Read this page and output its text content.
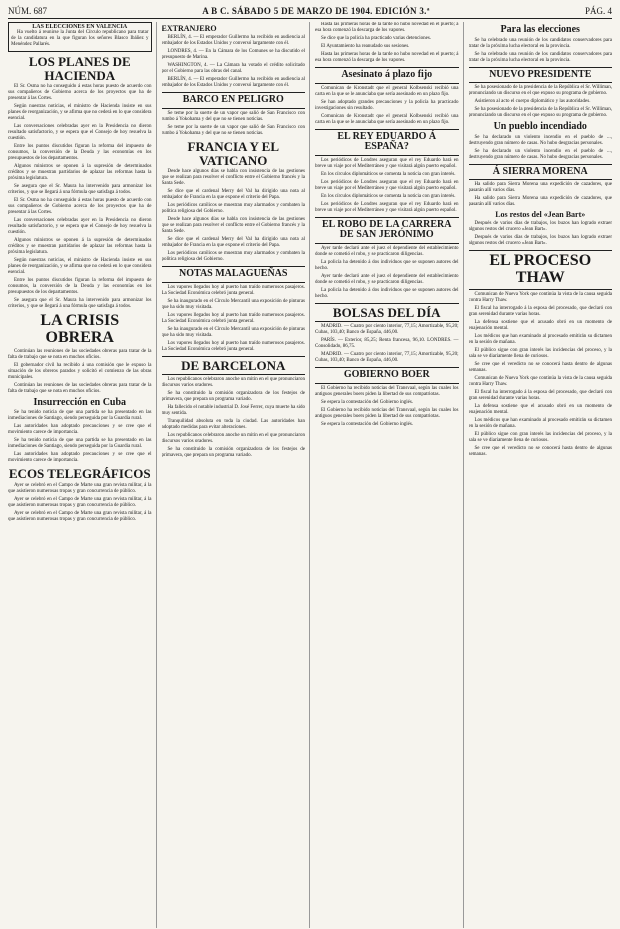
NÚM. 687	A B C. SÁBADO 5 DE MARZO DE 1904. EDICIÓN 3.ª	PÁG. 4
LAS ELECCIONES EN VALENCIA

Ha vuelto á reunirse la Junta del Círculo republicano para tratar de la candidatura en la que figuran los señores Blasco Ibáñez y Menéndez Pallarés.

LOS PLANES DE HACIENDA

El Sr. Osma no ha conseguido á estas horas puesto de acuerdo con sus compañeros de Gobierno acerca de los proyectos que ha de presentar á las Cortes.

Según nuestras noticias, el ministro de Hacienda insiste en sus planes de reorganización, y se afirma que no cederá en lo que considera esencial.

Las conversaciones celebradas ayer en la Presidencia no dieron resultado satisfactorio, y se espera que el Consejo de hoy resuelva la cuestión.

Entre los puntos discutidos figuran la reforma del impuesto de consumos, la conversión de la Deuda y las economías en los presupuestos de los departamentos.

Algunos ministros se oponen á la supresión de determinados créditos y se muestran partidarios de aplazar las reformas hasta la próxima legislatura.

Se asegura que el Sr. Maura ha intervenido para armonizar los criterios, y que se llegará á una fórmula que satisfaga á todos.

El Sr. Osma no ha conseguido á estas horas puesto de acuerdo con sus compañeros de Gobierno acerca de los proyectos que ha de presentar á las Cortes.

Las conversaciones celebradas ayer en la Presidencia no dieron resultado satisfactorio, y se espera que el Consejo de hoy resuelva la cuestión.

Algunos ministros se oponen á la supresión de determinados créditos y se muestran partidarios de aplazar las reformas hasta la próxima legislatura.

Según nuestras noticias, el ministro de Hacienda insiste en sus planes de reorganización, y se afirma que no cederá en lo que considera esencial.

Entre los puntos discutidos figuran la reforma del impuesto de consumos, la conversión de la Deuda y las economías en los presupuestos de los departamentos.

Se asegura que el Sr. Maura ha intervenido para armonizar los criterios, y que se llegará á una fórmula que satisfaga á todos.

LA CRISIS OBRERA

Continúan las reuniones de las sociedades obreras para tratar de la falta de trabajo que se nota en muchos oficios.

El gobernador civil ha recibido á una comisión que le expuso la situación de los obreros parados y solicitó el comienzo de las obras municipales.

Continúan las reuniones de las sociedades obreras para tratar de la falta de trabajo que se nota en muchos oficios.

Insurrección en Cuba

Se ha tenido noticia de que una partida se ha presentado en las inmediaciones de Santiago, siendo perseguida por la Guardia rural.

Las autoridades han adoptado precauciones y se cree que el movimiento carece de importancia.

Se ha tenido noticia de que una partida se ha presentado en las inmediaciones de Santiago, siendo perseguida por la Guardia rural.

Las autoridades han adoptado precauciones y se cree que el movimiento carece de importancia.

ECOS TELEGRÁFICOS

Ayer se celebró en el Campo de Marte una gran revista militar, á la que asistieron numerosas tropas y gran concurrencia de público.

Ayer se celebró en el Campo de Marte una gran revista militar, á la que asistieron numerosas tropas y gran concurrencia de público.

Ayer se celebró en el Campo de Marte una gran revista militar, á la que asistieron numerosas tropas y gran concurrencia de público.

EXTRANJERO

BERLÍN, 4. — El emperador Guillermo ha recibido en audiencia al embajador de los Estados Unidos y conversó largamente con él.

LONDRES, 4. — En la Cámara de los Comunes se ha discutido el presupuesto de Marina.

WASHINGTON, 4. — La Cámara ha votado el crédito solicitado por el Gobierno para las obras del canal.

BERLÍN, 4. — El emperador Guillermo ha recibido en audiencia al embajador de los Estados Unidos y conversó largamente con él.

BARCO EN PELIGRO

Se teme por la suerte de un vapor que salió de San Francisco con rumbo á Yokohama y del que no se tienen noticias.

Se teme por la suerte de un vapor que salió de San Francisco con rumbo á Yokohama y del que no se tienen noticias.

FRANCIA Y EL VATICANO

Desde hace algunos días se habla con insistencia de las gestiones que se realizan para resolver el conflicto entre el Gobierno francés y la Santa Sede.

Se dice que el cardenal Merry del Val ha dirigido una nota al embajador de Francia en la que expone el criterio del Papa.

Los periódicos católicos se muestran muy alarmados y combaten la política religiosa del Gobierno.

Desde hace algunos días se habla con insistencia de las gestiones que se realizan para resolver el conflicto entre el Gobierno francés y la Santa Sede.

Se dice que el cardenal Merry del Val ha dirigido una nota al embajador de Francia en la que expone el criterio del Papa.

Los periódicos católicos se muestran muy alarmados y combaten la política religiosa del Gobierno.

NOTAS MALAGUEÑAS

Los vapores llegados hoy al puerto han traído numerosos pasajeros. La Sociedad Económica celebró junta general.

Se ha inaugurado en el Círculo Mercantil una exposición de pinturas que ha sido muy visitada.

Los vapores llegados hoy al puerto han traído numerosos pasajeros. La Sociedad Económica celebró junta general.

Se ha inaugurado en el Círculo Mercantil una exposición de pinturas que ha sido muy visitada.

Los vapores llegados hoy al puerto han traído numerosos pasajeros. La Sociedad Económica celebró junta general.

DE BARCELONA

Los republicanos celebraron anoche un mitin en el que pronunciaron discursos varios oradores.

Se ha constituido la comisión organizadora de los festejos de primavera, que prepara un programa variado.

Ha fallecido el notable industrial D. José Ferrer, cuya muerte ha sido muy sentida.

Tranquilidad absoluta en toda la ciudad. Las autoridades han adoptado medidas para evitar alteraciones.

Los republicanos celebraron anoche un mitin en el que pronunciaron discursos varios oradores.

Se ha constituido la comisión organizadora de los festejos de primavera, que prepara un programa variado.

Hasta las primeras horas de la tarde no hubo novedad en el puerto; á esa hora comenzó la descarga de los vapores.

Se dice que la policía ha practicado varias detenciones.

El Ayuntamiento ha reanudado sus sesiones.

Hasta las primeras horas de la tarde no hubo novedad en el puerto; á esa hora comenzó la descarga de los vapores.

Asesinato á plazo fijo

Comunican de Kronstadt que el general Kolbsenski recibió una carta en la que se le anunciaba que sería asesinado en un plazo fijo.

Se han adoptado grandes precauciones y la policía ha practicado investigaciones sin resultado.

Comunican de Kronstadt que el general Kolbsenski recibió una carta en la que se le anunciaba que sería asesinado en un plazo fijo.

EL REY EDUARDO Á ESPAÑA?

Los periódicos de Londres aseguran que el rey Eduardo hará en breve un viaje por el Mediterráneo y que visitará algún puerto español.

En los círculos diplomáticos se comenta la noticia con gran interés.

Los periódicos de Londres aseguran que el rey Eduardo hará en breve un viaje por el Mediterráneo y que visitará algún puerto español.

En los círculos diplomáticos se comenta la noticia con gran interés.

Los periódicos de Londres aseguran que el rey Eduardo hará en breve un viaje por el Mediterráneo y que visitará algún puerto español.

EL ROBO DE LA CARRERA DE SAN JERÓNIMO

Ayer tarde declaró ante el juez el dependiente del establecimiento donde se cometió el robo, y se practicaron diligencias.

La policía ha detenido á dos individuos que se suponen autores del hecho.

Ayer tarde declaró ante el juez el dependiente del establecimiento donde se cometió el robo, y se practicaron diligencias.

La policía ha detenido á dos individuos que se suponen autores del hecho.

BOLSAS DEL DÍA

MADRID. — Cuatro por ciento interior, 77,15; Amortizable, 95,20; Cubas, 103,40; Banco de España, 446,00.

PARÍS. — Exterior, 85,25; Renta francesa, 96,10. LONDRES. — Consolidado, 86,75.

MADRID. — Cuatro por ciento interior, 77,15; Amortizable, 95,20; Cubas, 103,40; Banco de España, 446,00.

GOBIERNO BOER

El Gobierno ha recibido noticias del Transvaal, según las cuales los antiguos generales boers piden la libertad de sus compatriotas.

Se espera la contestación del Gobierno inglés.

El Gobierno ha recibido noticias del Transvaal, según las cuales los antiguos generales boers piden la libertad de sus compatriotas.

Se espera la contestación del Gobierno inglés.

Para las elecciones

Se ha celebrado una reunión de los candidatos conservadores para tratar de la próxima lucha electoral en la provincia.

Se ha celebrado una reunión de los candidatos conservadores para tratar de la próxima lucha electoral en la provincia.

NUEVO PRESIDENTE

Se ha posesionado de la presidencia de la República el Sr. Williman, pronunciando un discurso en el que expuso su programa de gobierno.

Asistieron al acto el cuerpo diplomático y las autoridades.

Se ha posesionado de la presidencia de la República el Sr. Williman, pronunciando un discurso en el que expuso su programa de gobierno.

Un pueblo incendiado

Se ha declarado un violento incendio en el pueblo de ..., destruyendo gran número de casas. No hubo desgracias personales.

Se ha declarado un violento incendio en el pueblo de ..., destruyendo gran número de casas. No hubo desgracias personales.

Á SIERRA MORENA

Ha salido para Sierra Morena una expedición de cazadores, que pasarán allí varios días.

Ha salido para Sierra Morena una expedición de cazadores, que pasarán allí varios días.

Los restos del «Jean Bart»

Después de varios días de trabajos, los buzos han logrado extraer algunos restos del crucero «Jean Bart».

Después de varios días de trabajos, los buzos han logrado extraer algunos restos del crucero «Jean Bart».

EL PROCESO THAW

Comunican de Nueva York que continúa la vista de la causa seguida contra Harry Thaw.

El fiscal ha interrogado á la esposa del procesado, que declaró con gran serenidad durante varias horas.

La defensa sostiene que el acusado obró en un momento de enajenación mental.

Los médicos que han examinado al procesado emitirán su dictamen en la sesión de mañana.

El público sigue con gran interés las incidencias del proceso, y la sala se ve diariamente llena de curiosos.

Se cree que el veredicto no se conocerá hasta dentro de algunas semanas.

Comunican de Nueva York que continúa la vista de la causa seguida contra Harry Thaw.

El fiscal ha interrogado á la esposa del procesado, que declaró con gran serenidad durante varias horas.

La defensa sostiene que el acusado obró en un momento de enajenación mental.

Los médicos que han examinado al procesado emitirán su dictamen en la sesión de mañana.

El público sigue con gran interés las incidencias del proceso, y la sala se ve diariamente llena de curiosos.

Se cree que el veredicto no se conocerá hasta dentro de algunas semanas.
